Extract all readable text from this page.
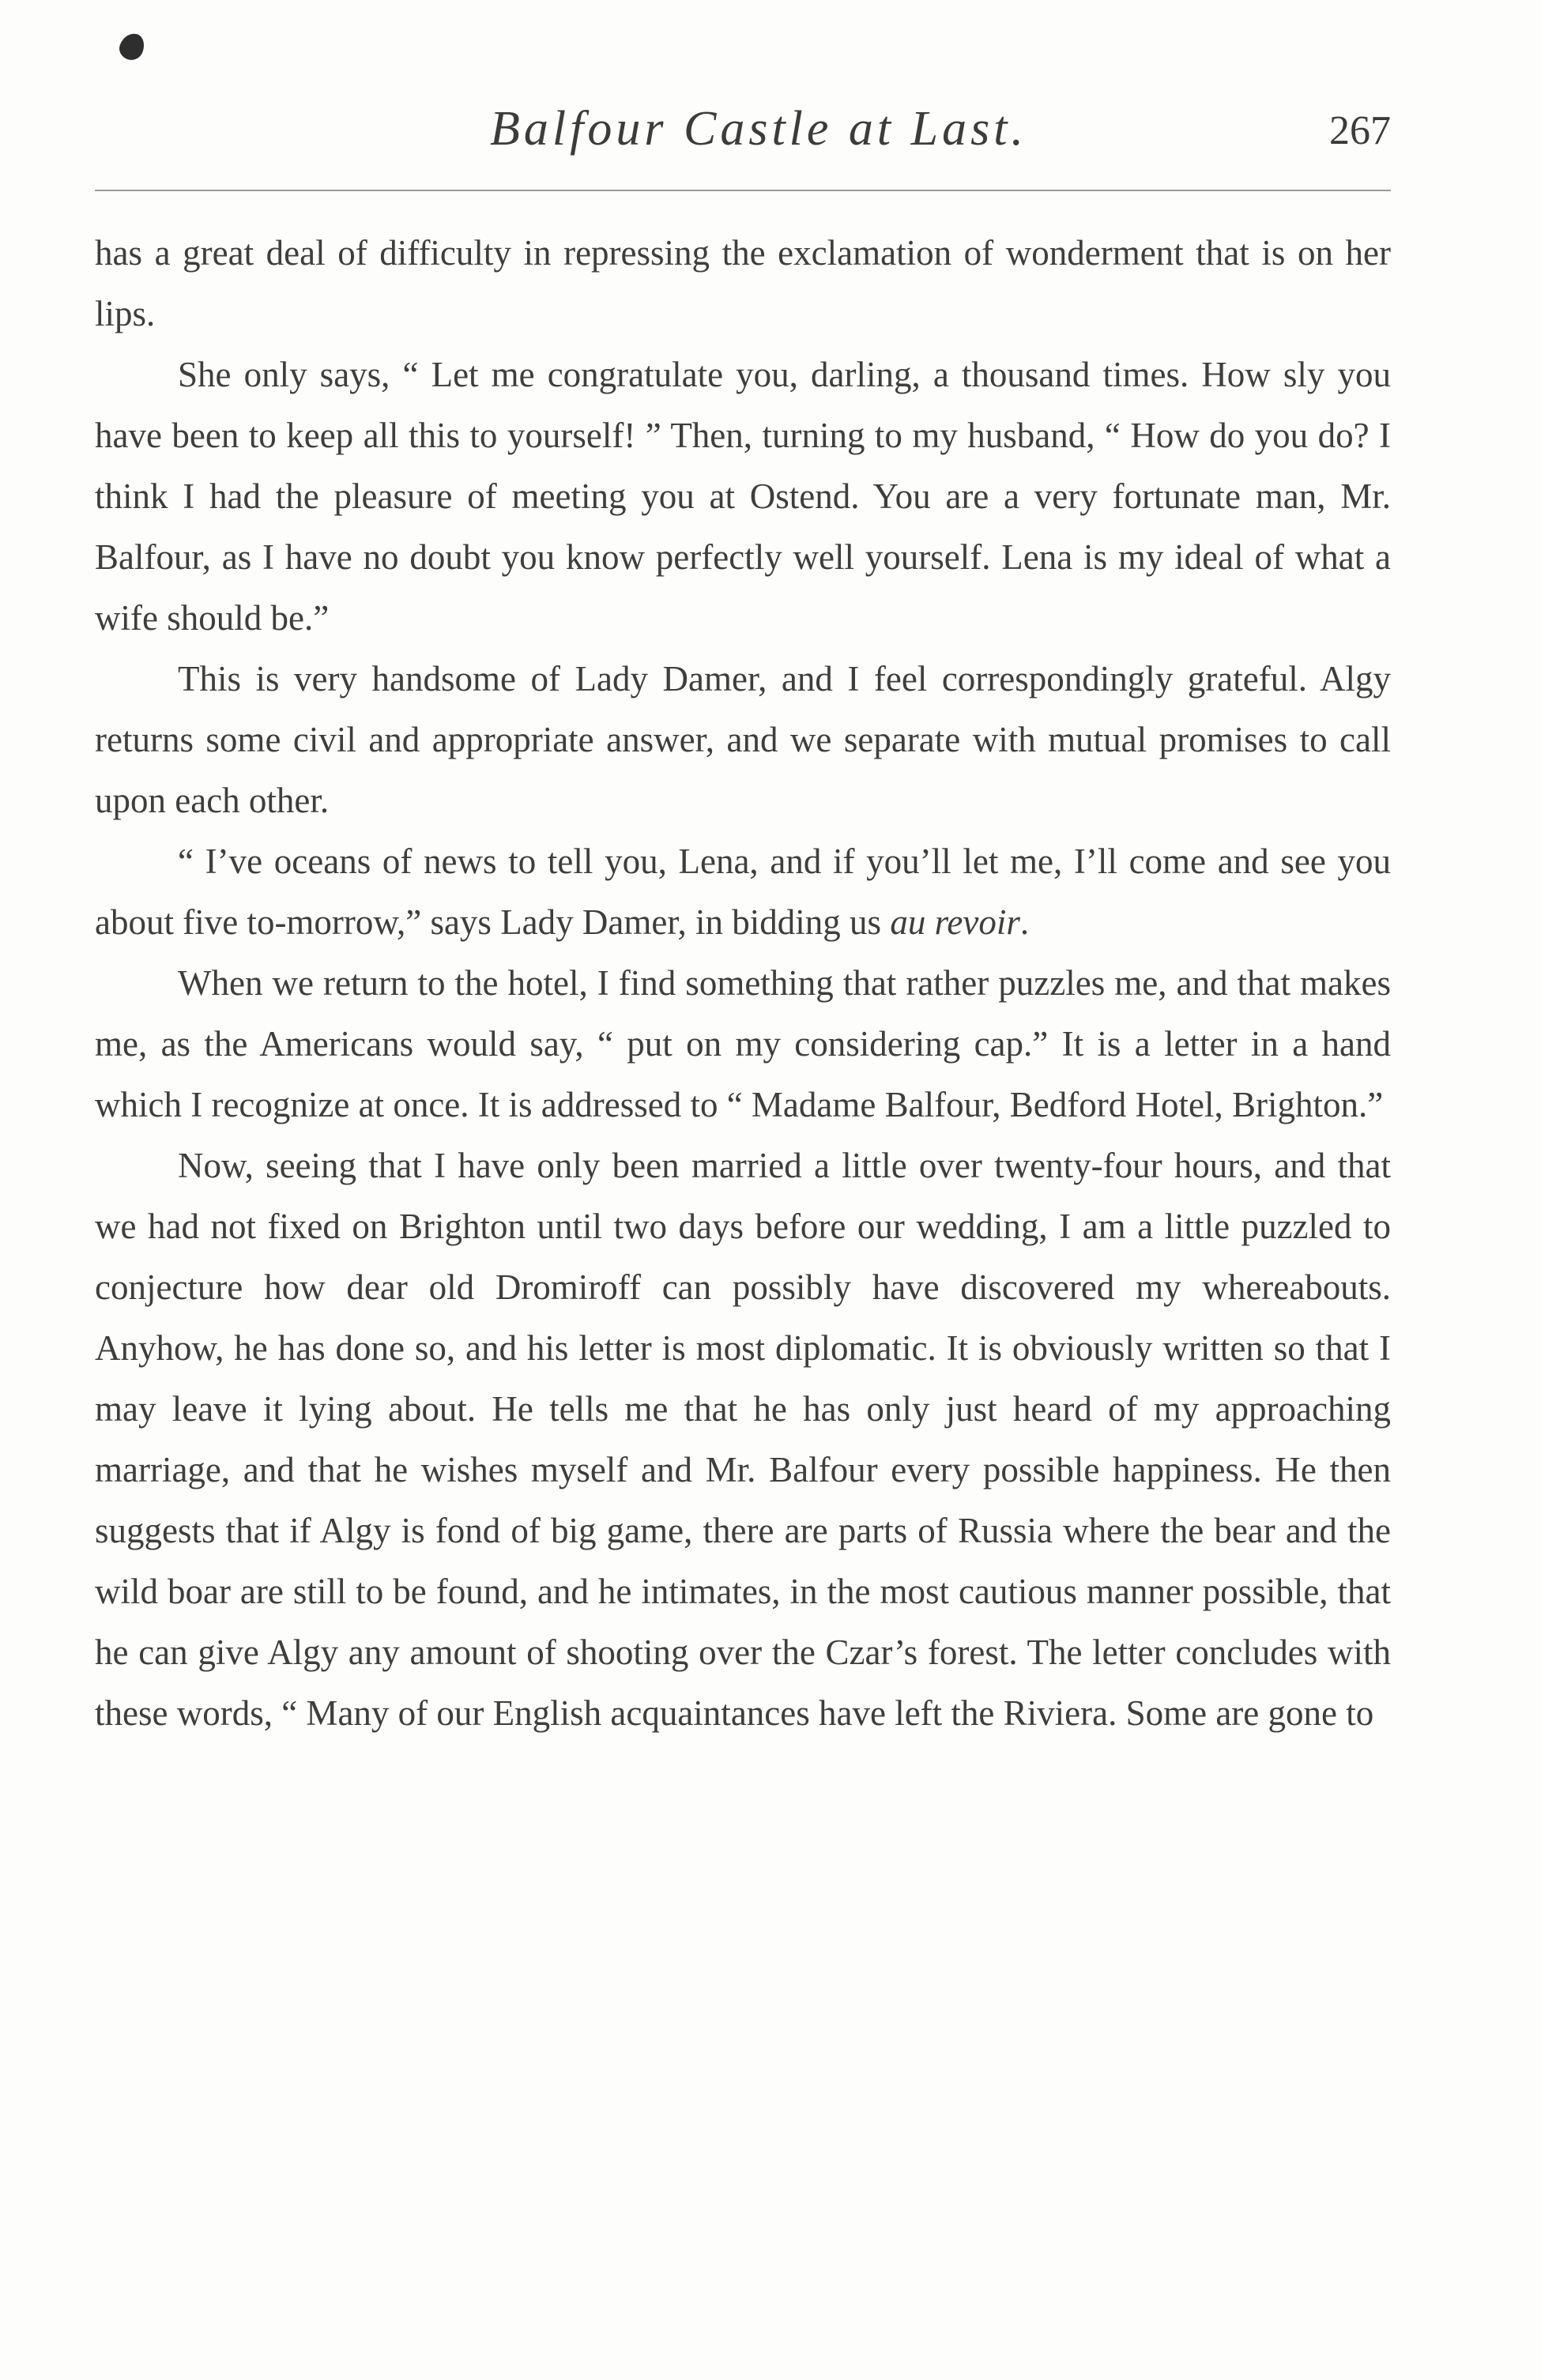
Balfour Castle at Last.	267

has a great deal of difficulty in repressing the exclamation of wonderment that is on her lips.

She only says, “ Let me congratulate you, darling, a thousand times. How sly you have been to keep all this to yourself! ” Then, turning to my husband, “ How do you do? I think I had the pleasure of meeting you at Ostend. You are a very fortunate man, Mr. Balfour, as I have no doubt you know perfectly well yourself. Lena is my ideal of what a wife should be.”

This is very handsome of Lady Damer, and I feel correspondingly grateful. Algy returns some civil and appropriate answer, and we separate with mutual promises to call upon each other.

“ I’ve oceans of news to tell you, Lena, and if you’ll let me, I’ll come and see you about five to-morrow,” says Lady Damer, in bidding us au revoir.

When we return to the hotel, I find something that rather puzzles me, and that makes me, as the Americans would say, “ put on my considering cap.” It is a letter in a hand which I recognize at once. It is addressed to “ Madame Balfour, Bedford Hotel, Brighton.”

Now, seeing that I have only been married a little over twenty-four hours, and that we had not fixed on Brighton until two days before our wedding, I am a little puzzled to conjecture how dear old Dromiroff can possibly have discovered my whereabouts. Anyhow, he has done so, and his letter is most diplomatic. It is obviously written so that I may leave it lying about. He tells me that he has only just heard of my approaching marriage, and that he wishes myself and Mr. Balfour every possible happiness. He then suggests that if Algy is fond of big game, there are parts of Russia where the bear and the wild boar are still to be found, and he intimates, in the most cautious manner possible, that he can give Algy any amount of shooting over the Czar’s forest. The letter concludes with these words, “ Many of our English acquaintances have left the Riviera. Some are gone to
